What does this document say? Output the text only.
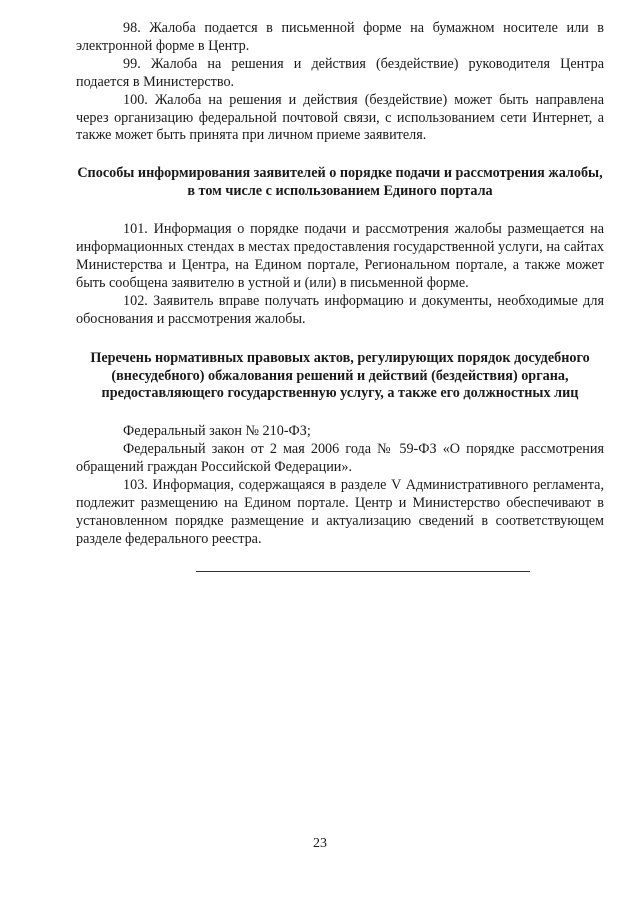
98. Жалоба подается в письменной форме на бумажном носителе или в электронной форме в Центр.

99. Жалоба на решения и действия (бездействие) руководителя Центра подается в Министерство.

100. Жалоба на решения и действия (бездействие) может быть направлена через организацию федеральной почтовой связи, с использованием сети Интернет, а также может быть принята при личном приеме заявителя.

Способы информирования заявителей о порядке подачи и рассмотрения жалобы, в том числе с использованием Единого портала

101. Информация о порядке подачи и рассмотрения жалобы размещается на информационных стендах в местах предоставления государственной услуги, на сайтах Министерства и Центра, на Едином портале, Региональном портале, а также может быть сообщена заявителю в устной и (или) в письменной форме.

102. Заявитель вправе получать информацию и документы, необходимые для обоснования и рассмотрения жалобы.

Перечень нормативных правовых актов, регулирующих порядок досудебного (внесудебного) обжалования решений и действий (бездействия) органа, предоставляющего государственную услугу, а также его должностных лиц

Федеральный закон № 210-ФЗ;

Федеральный закон от 2 мая 2006 года № 59-ФЗ «О порядке рассмотрения обращений граждан Российской Федерации».

103. Информация, содержащаяся в разделе V Административного регламента, подлежит размещению на Едином портале. Центр и Министерство обеспечивают в установленном порядке размещение и актуализацию сведений в соответствующем разделе федерального реестра.

23
